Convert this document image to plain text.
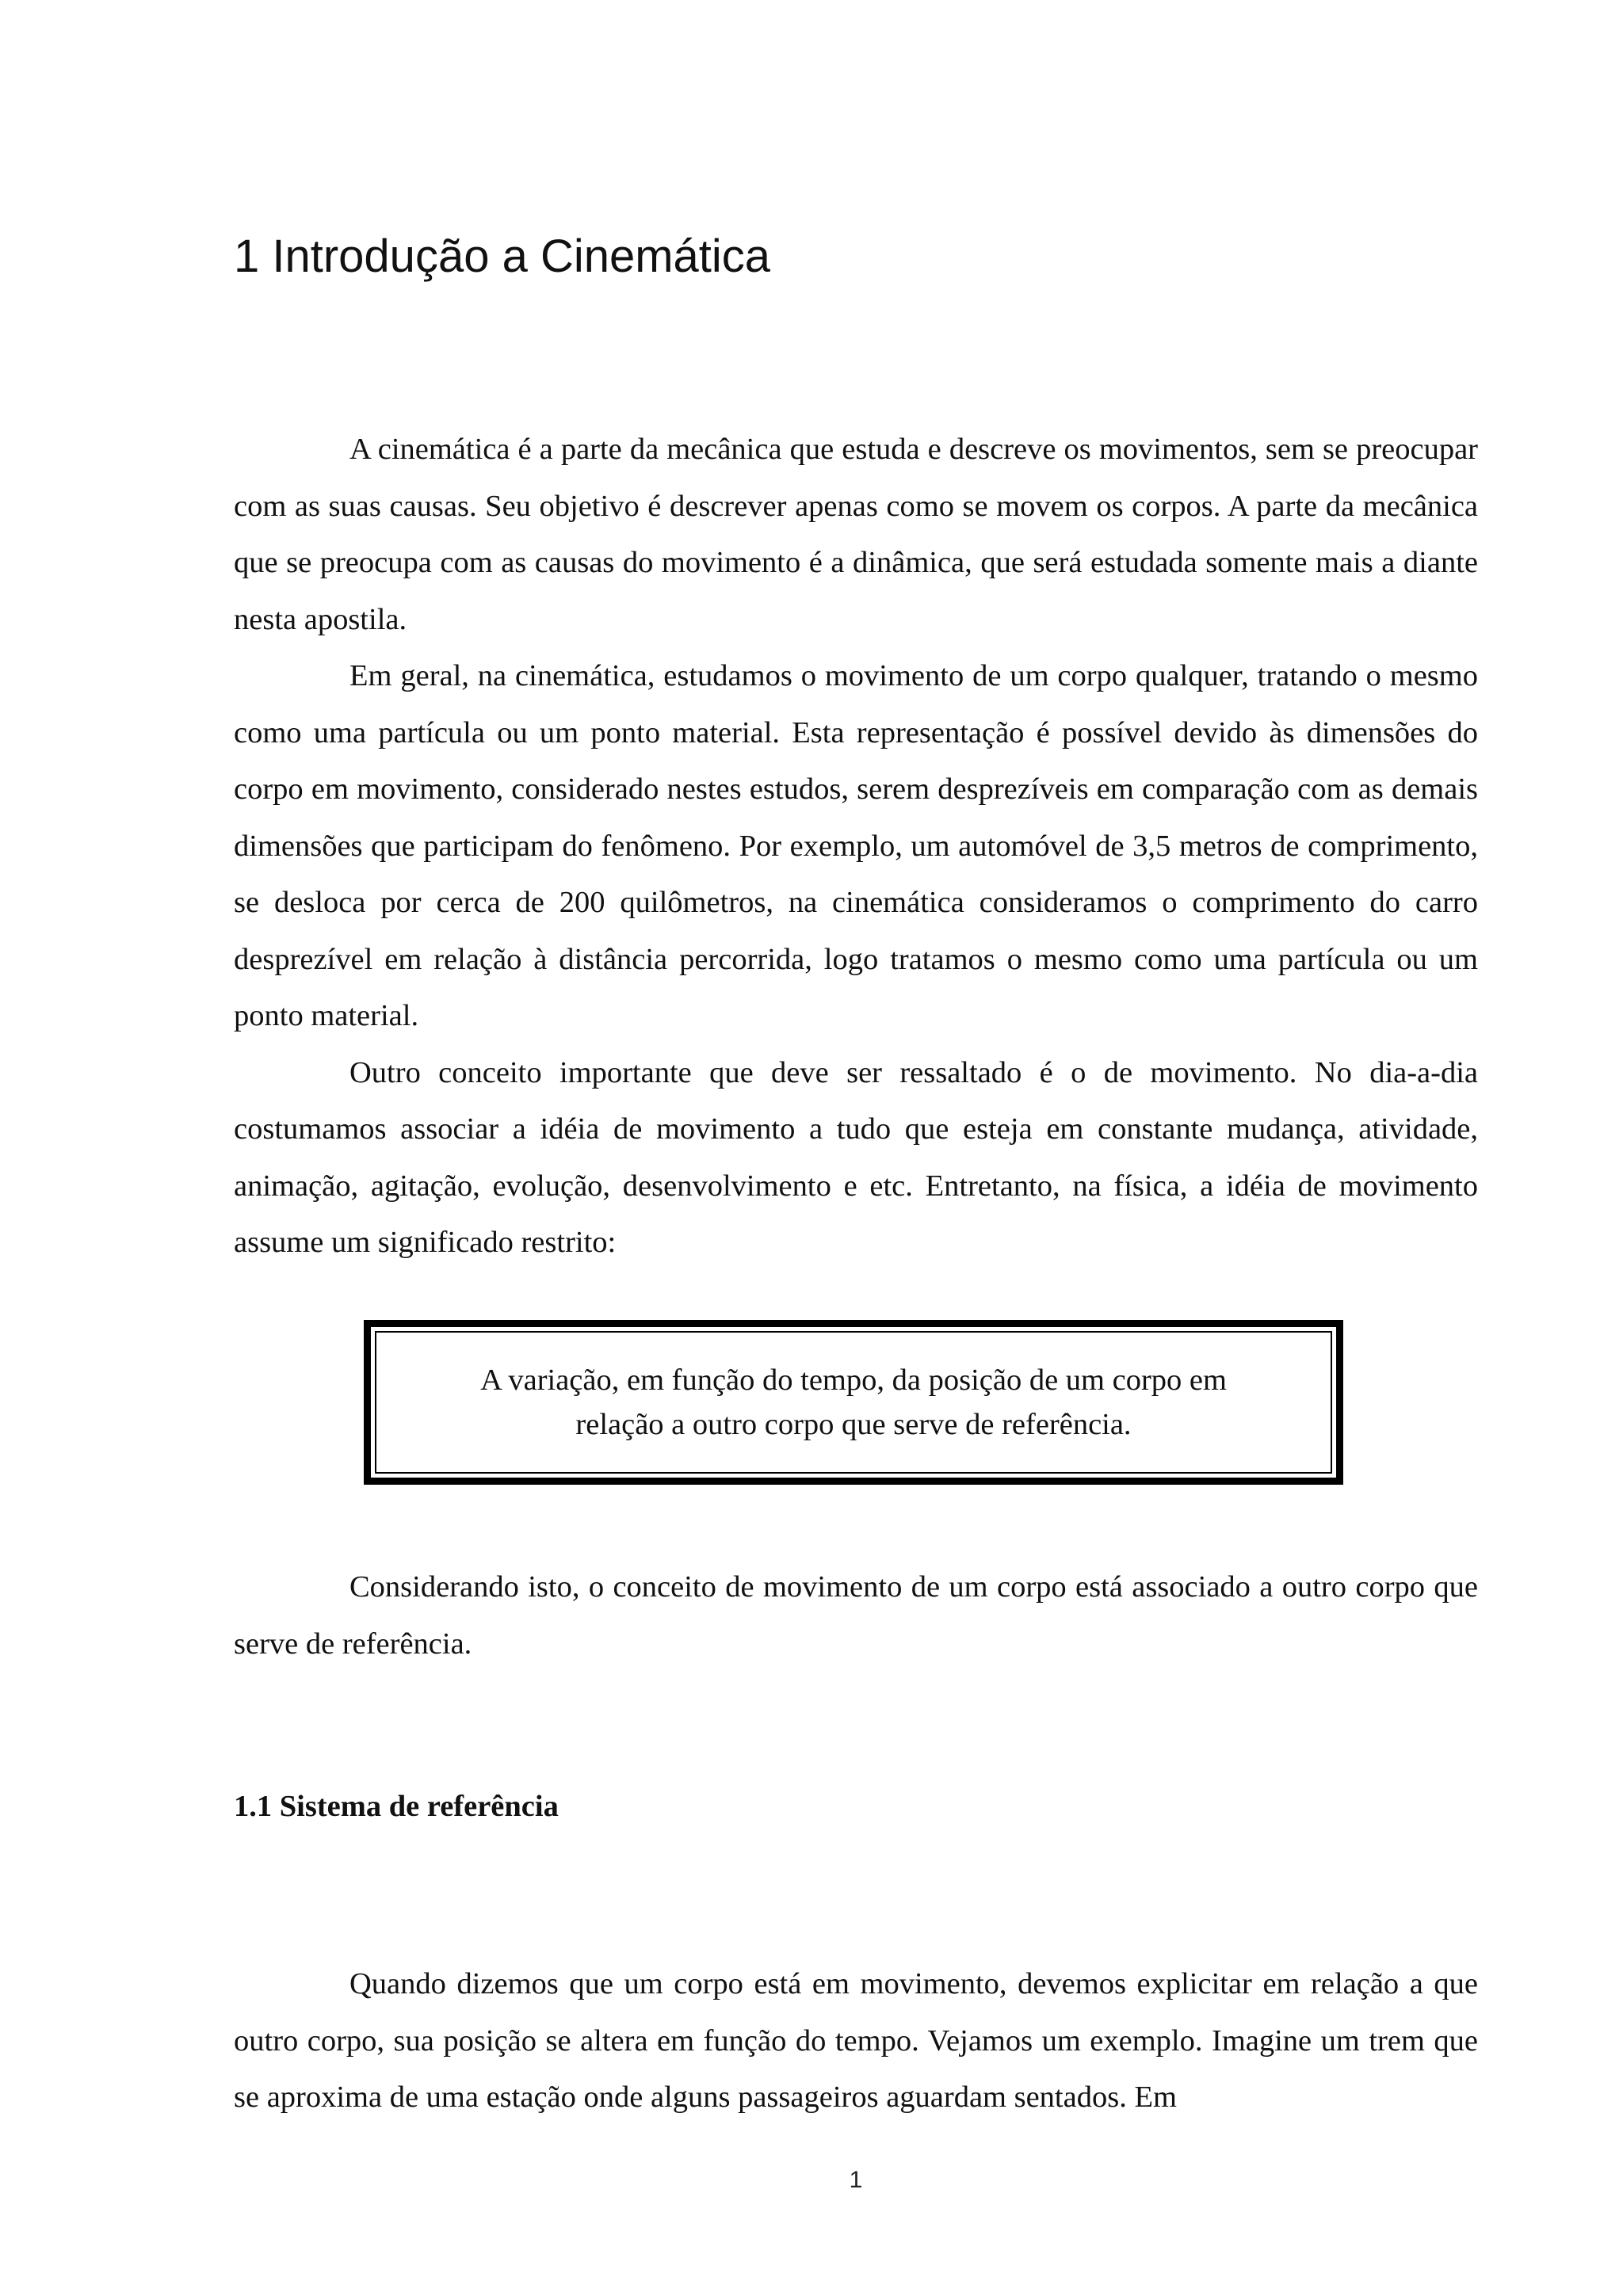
1 Introdução a Cinemática

A cinemática é a parte da mecânica que estuda e descreve os movimentos, sem se preocupar com as suas causas. Seu objetivo é descrever apenas como se movem os corpos. A parte da mecânica que se preocupa com as causas do movimento é a dinâmica, que será estudada somente mais a diante nesta apostila.

Em geral, na cinemática, estudamos o movimento de um corpo qualquer, tratando o mesmo como uma partícula ou um ponto material. Esta representação é possível devido às dimensões do corpo em movimento, considerado nestes estudos, serem desprezíveis em comparação com as demais dimensões que participam do fenômeno. Por exemplo, um automóvel de 3,5 metros de comprimento, se desloca por cerca de 200 quilômetros, na cinemática consideramos o comprimento do carro desprezível em relação à distância percorrida, logo tratamos o mesmo como uma partícula ou um ponto material.

Outro conceito importante que deve ser ressaltado é o de movimento. No dia-a-dia costumamos associar a idéia de movimento a tudo que esteja em constante mudança, atividade, animação, agitação, evolução, desenvolvimento e etc. Entretanto, na física, a idéia de movimento assume um significado restrito:

A variação, em função do tempo, da posição de um corpo em
relação a outro corpo que serve de referência.

Considerando isto, o conceito de movimento de um corpo está associado a outro corpo que serve de referência.

1.1 Sistema de referência

Quando dizemos que um corpo está em movimento, devemos explicitar em relação a que outro corpo, sua posição se altera em função do tempo. Vejamos um exemplo. Imagine um trem que se aproxima de uma estação onde alguns passageiros aguardam sentados. Em

1
